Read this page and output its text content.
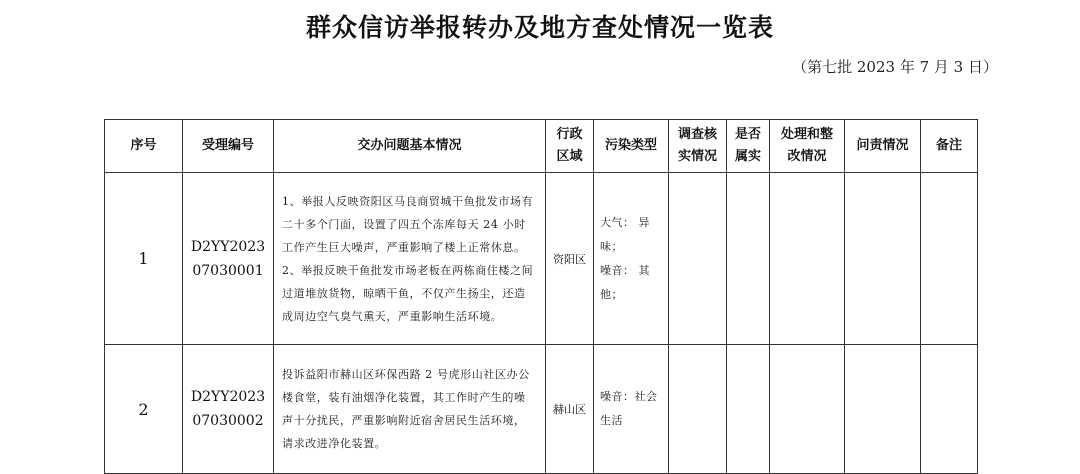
群众信访举报转办及地方查处情况一览表
（第七批 2023 年 7 月 3 日）
序号	受理编号	交办问题基本情况	行政区域	污染类型	调查核实情况	是否属实	处理和整改情况	问责情况	备注
1	D2YY202307030001	1、举报人反映资阳区马良商贸城干鱼批发市场有二十多个门面，设置了四五个冻库每天 24 小时工作产生巨大噪声，严重影响了楼上正常休息。 2、举报反映干鱼批发市场老板在两栋商住楼之间过道堆放货物，晾晒干鱼，不仅产生扬尘，还造成周边空气臭气熏天，严重影响生活环境。	资阳区	大气： 异味；
噪音： 其他；					

2	D2YY202307030002	投诉益阳市赫山区环保西路 2 号虎形山社区办公楼食堂，装有油烟净化装置，其工作时产生的噪声十分扰民，严重影响附近宿舍居民生活环境，请求改进净化装置。	赫山区	噪音：社会生活					
